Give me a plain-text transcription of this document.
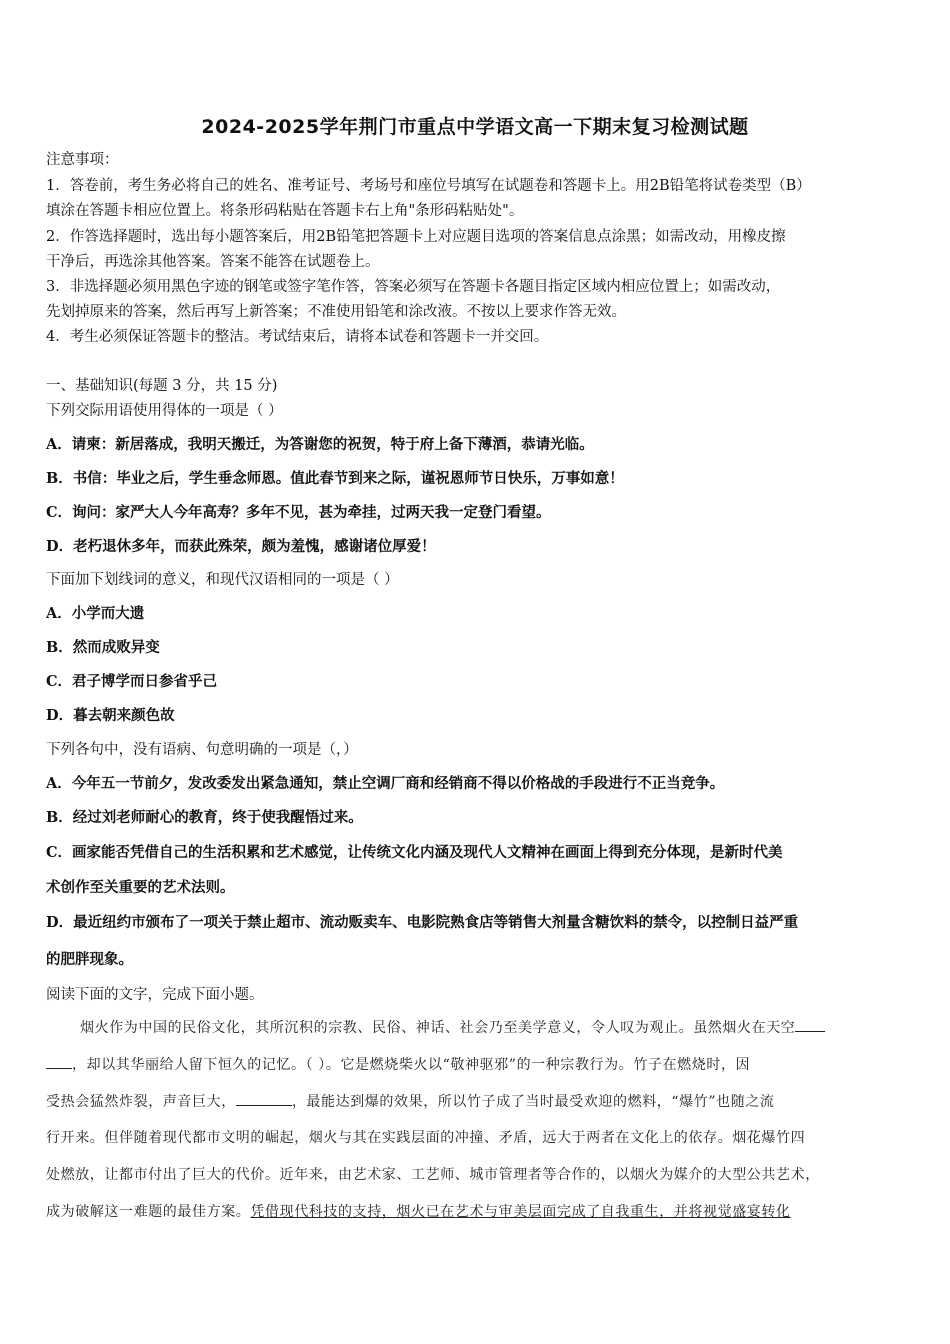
2024-2025学年荆门市重点中学语文高一下期末复习检测试题
注意事项：
1．答卷前，考生务必将自己的姓名、准考证号、考场号和座位号填写在试题卷和答题卡上。用2B铅笔将试卷类型（B）
填涂在答题卡相应位置上。将条形码粘贴在答题卡右上角"条形码粘贴处"。
2．作答选择题时，选出每小题答案后，用2B铅笔把答题卡上对应题目选项的答案信息点涂黑；如需改动，用橡皮擦
干净后，再选涂其他答案。答案不能答在试题卷上。
3．非选择题必须用黑色字迹的钢笔或签字笔作答，答案必须写在答题卡各题目指定区域内相应位置上；如需改动，
先划掉原来的答案，然后再写上新答案；不准使用铅笔和涂改液。不按以上要求作答无效。
4．考生必须保证答题卡的整洁。考试结束后，请将本试卷和答题卡一并交回。
一、基础知识(每题 3 分，共 15 分)
下列交际用语使用得体的一项是（ ）
A．请柬：新居落成，我明天搬迁，为答谢您的祝贺，特于府上备下薄酒，恭请光临。
B．书信：毕业之后，学生垂念师恩。值此春节到来之际，谨祝恩师节日快乐，万事如意！
C．询问：家严大人今年高寿？多年不见，甚为牵挂，过两天我一定登门看望。
D．老朽退休多年，而获此殊荣，颇为羞愧，感谢诸位厚爱！
下面加下划线词的意义，和现代汉语相同的一项是（ ）
A．小学而大遗
B．然而成败异变
C．君子博学而日参省乎己
D．暮去朝来颜色故
下列各句中，没有语病、句意明确的一项是（，）
A．今年五一节前夕，发改委发出紧急通知，禁止空调厂商和经销商不得以价格战的手段进行不正当竞争。
B．经过刘老师耐心的教育，终于使我醒悟过来。
C．画家能否凭借自己的生活积累和艺术感觉，让传统文化内涵及现代人文精神在画面上得到充分体现，是新时代美
术创作至关重要的艺术法则。
D．最近纽约市颁布了一项关于禁止超市、流动贩卖车、电影院熟食店等销售大剂量含糖饮料的禁令，以控制日益严重
的肥胖现象。
阅读下面的文字，完成下面小题。
烟火作为中国的民俗文化，其所沉积的宗教、民俗、神话、社会乃至美学意义，令人叹为观止。虽然烟火在天空
，却以其华丽给人留下恒久的记忆。（ ）。它是燃烧柴火以“敬神驱邪”的一种宗教行为。竹子在燃烧时，因
受热会猛然炸裂，声音巨大，	，最能达到爆的效果，所以竹子成了当时最受欢迎的燃料，“爆竹”也随之流
行开来。但伴随着现代都市文明的崛起，烟火与其在实践层面的冲撞、矛盾，远大于两者在文化上的依存。烟花爆竹四
处燃放，让都市付出了巨大的代价。近年来，由艺术家、工艺师、城市管理者等合作的，以烟火为媒介的大型公共艺术，
成为破解这一难题的最佳方案。凭借现代科技的支持，烟火已在艺术与审美层面完成了自我重生，并将视觉盛宴转化
